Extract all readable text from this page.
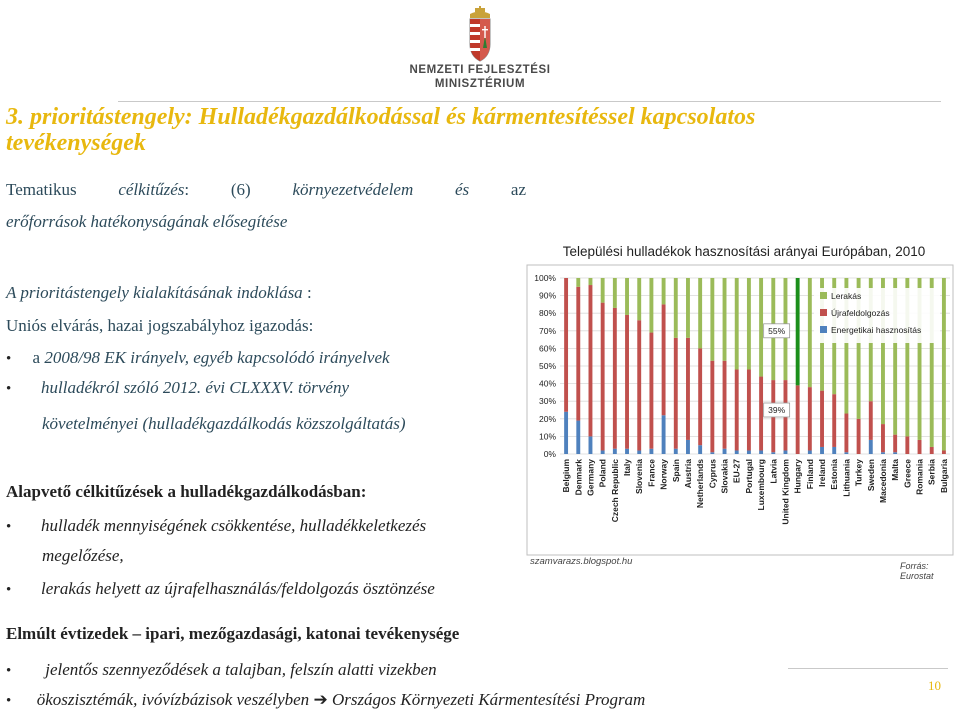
NEMZETI FEJLESZTÉSI
MINISZTÉRIUM
3. prioritástengely: Hulladékgazdálkodással és kármentesítéssel kapcsolatos tevékenységek
Tematikus célkitűzés: (6) környezetvédelem és az
erőforrások hatékonyságának elősegítése
A prioritástengely kialakításának indoklása :
Uniós elvárás, hazai jogszabályhoz igazodás:
• a 2008/98 EK irányelv, egyéb kapcsolódó irányelvek
• hulladékról szóló 2012. évi CLXXXV. törvény
követelményei (hulladékgazdálkodás közszolgáltatás)
Alapvető célkitűzések a hulladékgazdálkodásban:
• hulladék mennyiségének csökkentése, hulladékkeletkezés
megelőzése,
• lerakás helyett az újrafelhasználás/feldolgozás ösztönzése
Elmúlt évtizedek – ipari, mezőgazdasági, katonai tevékenysége
• jelentős szennyeződések a talajban, felszín alatti vizekben
• ökoszisztémák, ivóvízbázisok veszélyben ➔ Országos Környezeti Kármentesítési Program
10
Települési hulladékok hasznosítási arányai Európában, 2010
0%
10%
20%
30%
40%
50%
60%
70%
80%
90%
100%
Belgium Denmark Germany Poland Czech Republic Italy Slovenia France Norway Spain Austria Netherlands Cyprus Slovakia EU-27 Portugal Luxembourg Latvia United Kingdom Hungary Finland Ireland Estonia Lithuania Turkey Sweden Macedonia Malta Greece Romania Serbia Bulgaria
55%
39%
Lerakás
Újrafeldolgozás
Energetikai hasznosítás
szamvarazs.blogspot.hu	Forrás: Eurostat
